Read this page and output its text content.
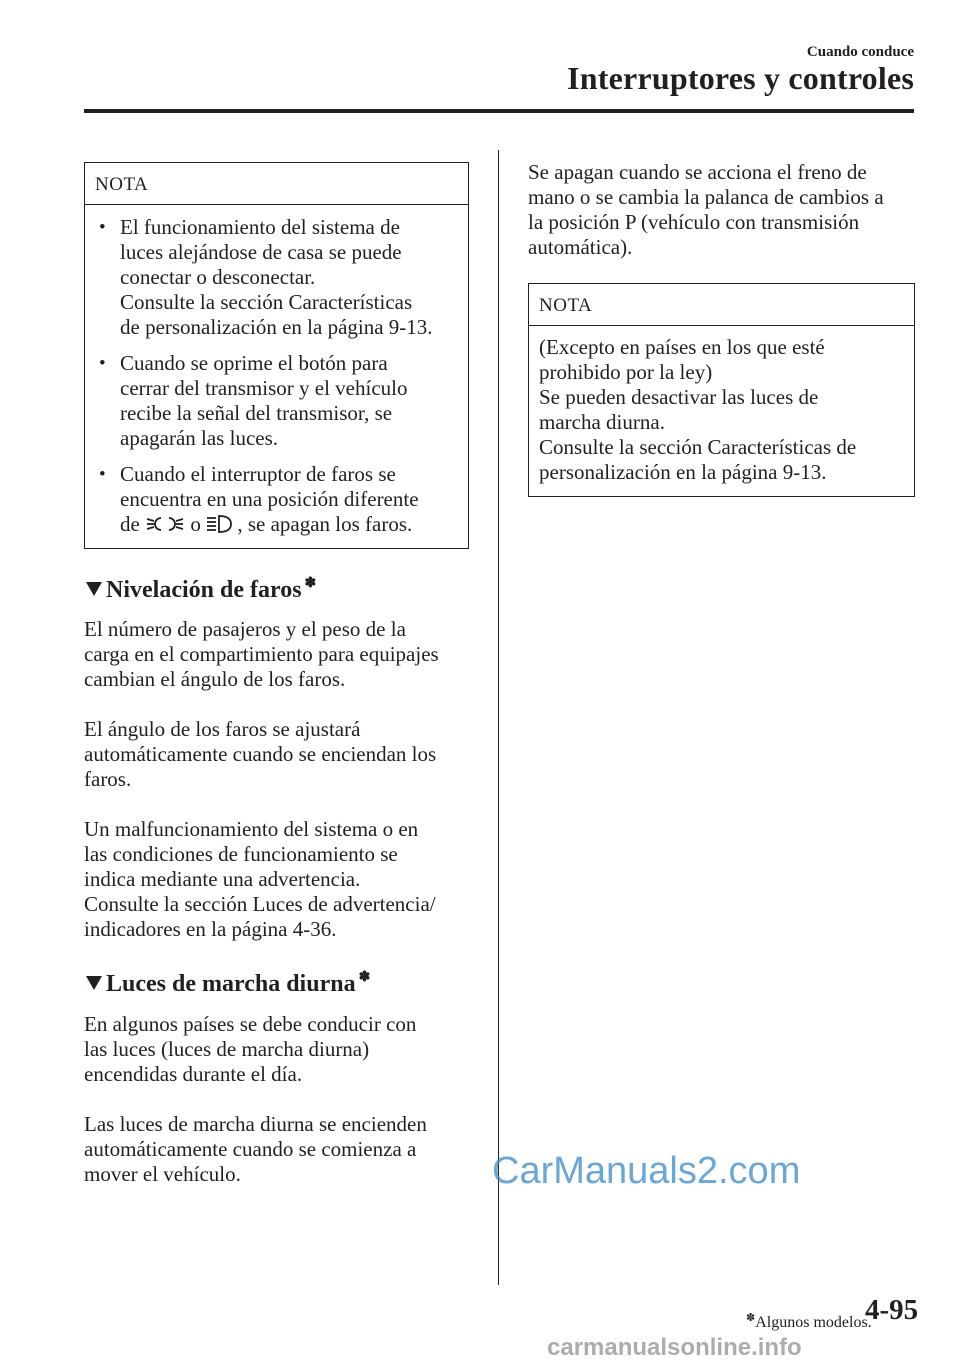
Cuando conduce
Interruptores y controles
NOTA
• El funcionamiento del sistema de
luces alejándose de casa se puede
conectar o desconectar.
Consulte la sección Características
de personalización en la página 9-13.
• Cuando se oprime el botón para
cerrar del transmisor y el vehículo
recibe la señal del transmisor, se
apagarán las luces.
• Cuando el interruptor de faros se
encuentra en una posición diferente
de o , se apagan los faros.
Nivelación de faros ✽
El número de pasajeros y el peso de la
carga en el compartimiento para equipajes
cambian el ángulo de los faros.
El ángulo de los faros se ajustará
automáticamente cuando se enciendan los
faros.
Un malfuncionamiento del sistema o en
las condiciones de funcionamiento se
indica mediante una advertencia.
Consulte la sección Luces de advertencia/
indicadores en la página 4-36.
Luces de marcha diurna ✽
En algunos países se debe conducir con
las luces (luces de marcha diurna)
encendidas durante el día.
Las luces de marcha diurna se encienden
automáticamente cuando se comienza a
mover el vehículo.
Se apagan cuando se acciona el freno de
mano o se cambia la palanca de cambios a
la posición P (vehículo con transmisión
automática).
NOTA
(Excepto en países en los que esté
prohibido por la ley)
Se pueden desactivar las luces de
marcha diurna.
Consulte la sección Características de
personalización en la página 9-13.
CarManuals2.com
✽Algunos modelos.
4-95
carmanualsonline.info
